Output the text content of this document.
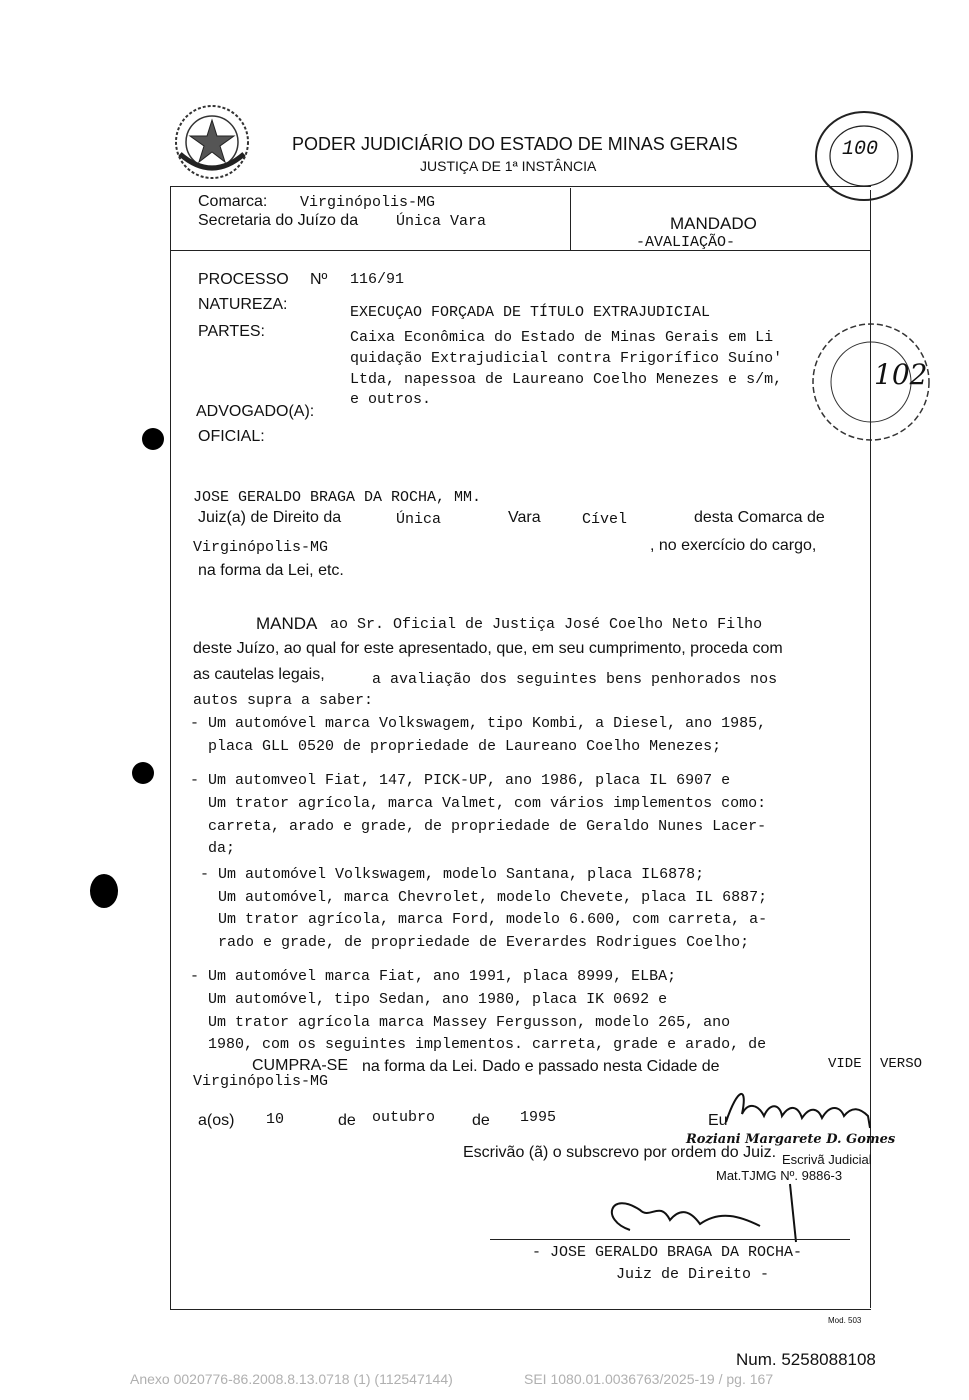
PODER JUDICIÁRIO DO ESTADO DE MINAS GERAIS
JUSTIÇA DE 1ª INSTÂNCIA
100
102
Comarca: Virginópolis-MG
Secretaria do Juízo da	Única Vara	MANDADO
-AVALIAÇÃO-
PROCESSO Nº 116/91
NATUREZA:	EXECUÇAO FORÇADA DE TÍTULO EXTRAJUDICIAL
PARTES:	Caixa Econômica do Estado de Minas Gerais em Li
quidação Extrajudicial contra Frigorífico Suíno'
Ltda, napessoa de Laureano Coelho Menezes e s/m,
e outros.
ADVOGADO(A):
OFICIAL:
JOSE GERALDO BRAGA DA ROCHA, MM.
Juiz(a) de Direito da	Única	Vara	Cível	desta Comarca de
Virginópolis-MG	, no exercício do cargo,
na forma da Lei, etc.
MANDA ao Sr. Oficial de Justiça José Coelho Neto Filho
deste Juízo, ao qual for este apresentado, que, em seu cumprimento, proceda com
as cautelas legais,	a avaliação dos seguintes bens penhorados nos
autos supra a saber:
- Um automóvel marca Volkswagem, tipo Kombi, a Diesel, ano 1985,
placa GLL 0520 de propriedade de Laureano Coelho Menezes;
- Um automveol Fiat, 147, PICK-UP, ano 1986, placa IL 6907 e
Um trator agrícola, marca Valmet, com vários implementos como:
carreta, arado e grade, de propriedade de Geraldo Nunes Lacer-
da;
- Um automóvel Volkswagem, modelo Santana, placa IL6878;
Um automóvel, marca Chevrolet, modelo Chevete, placa IL 6887;
Um trator agrícola, marca Ford, modelo 6.600, com carreta, a-
rado e grade, de propriedade de Everardes Rodrigues Coelho;
- Um automóvel marca Fiat, ano 1991, placa 8999, ELBA;
Um automóvel, tipo Sedan, ano 1980, placa IK 0692 e
Um trator agrícola marca Massey Fergusson, modelo 265, ano
1980, com os seguintes implementos. carreta, grade e arado, de
VIDE VERSO
CUMPRA-SE na forma da Lei. Dado e passado nesta Cidade de
Virginópolis-MG
a(os) 10	de outubro de 1995	Eu
Roziani Margarete D. Gomes
Escrivão (ã) o subscrevo por ordem do Juiz. Escrivã Judicial
Mat.TJMG Nº. 9886-3
- JOSE GERALDO BRAGA DA ROCHA-
Juiz de Direito -
Mod. 503
Num. 5258088108
Anexo 0020776-86.2008.8.13.0718 (1) (112547144)	SEI 1080.01.0036763/2025-19 / pg. 167
